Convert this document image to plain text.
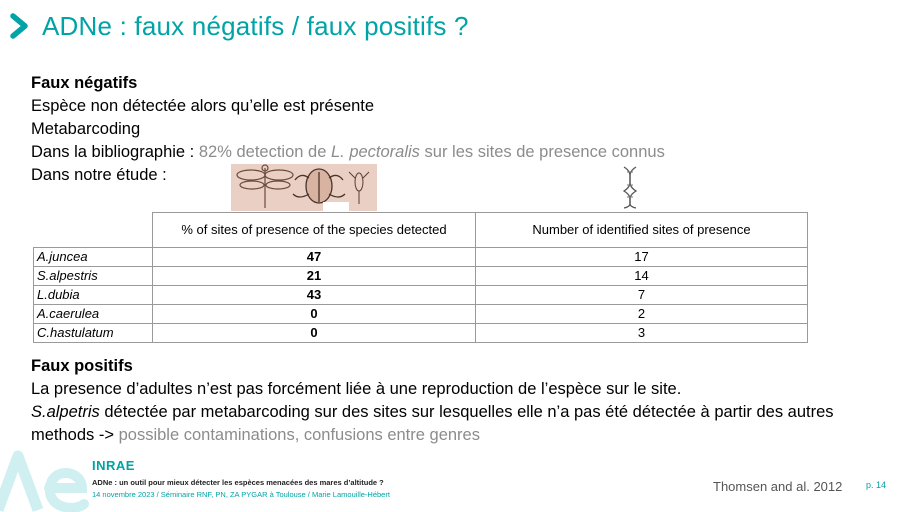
ADNe : faux négatifs / faux positifs ?
Faux négatifs
Espèce non détectée alors qu’elle est présente
Metabarcoding
Dans la bibliographie : 82% detection de L. pectoralis sur les sites de presence connus
Dans notre étude :
	% of sites of presence of the species detected	Number of identified sites of presence
A.juncea	47	17
S.alpestris	21	14
L.dubia	43	7
A.caerulea	0	2
C.hastulatum	0	3
Faux positifs
La presence d’adultes n’est pas forcément liée à une reproduction de l’espèce sur le site.
S.alpetris détectée par metabarcoding sur des sites sur lesquelles elle n’a pas été détectée à partir des autres
methods -> possible contaminations, confusions entre genres
INRAE
ADNe : un outil pour mieux détecter les espèces menacées des mares d’altitude ?
14 novembre 2023 / Séminaire RNF, PN, ZA PYGAR à Toulouse / Marie Lamouille-Hébert
Thomsen and al. 2012	p. 14
